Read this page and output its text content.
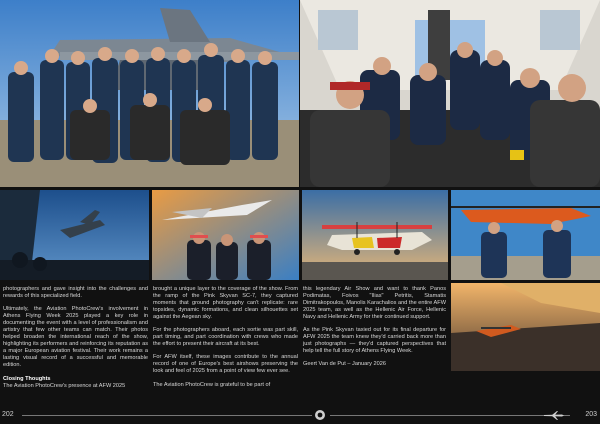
photographers and gave insight into the challenges and rewards of this specialized field.

Ultimately, the Aviation PhotoCrew's involvement in Athens Flying Week 2025 played a key role in documenting the event with a level of professionalism and artistry that few other teams can match. Their photos helped broaden the international reach of the show, highlighting its performers and reinforcing its reputation as a major European aviation festival. Their work remains a lasting visual record of a successful and memorable edition.

Closing Thoughts

The Aviation PhotoCrew's presence at AFW 2025

brought a unique layer to the coverage of the show. From the ramp of the Pink Skyvan SC-7, they captured moments that ground photography can't replicate: rare topsides, dynamic formations, and clean silhouettes set against the Aegean sky.

For the photographers aboard, each sortie was part skill, part timing, and part coordination with crews who made the effort to present their aircraft at its best.

For AFW itself, these images contribute to the annual record of one of Europe's best airshows preserving the look and feel of 2025 from a point of view few ever see.

The Aviation PhotoCrew is grateful to be part of

this legendary Air Show and want to thank Panos Podimatas, Foivos "Ilias" Petritis, Stamatis Dimitrakopoulos, Manolis Karachalios and the entire AFW 2025 team, as well as the Hellenic Air Force, Hellenic Navy and Hellenic Army for their continued support.

As the Pink Skyvan taxied out for its final departure for AFW 2025 the team knew they'd carried back more than just photographs — they'd captured perspectives that help tell the full story of Athens Flying Week.

Geert Van de Put – January 2026

202	203
